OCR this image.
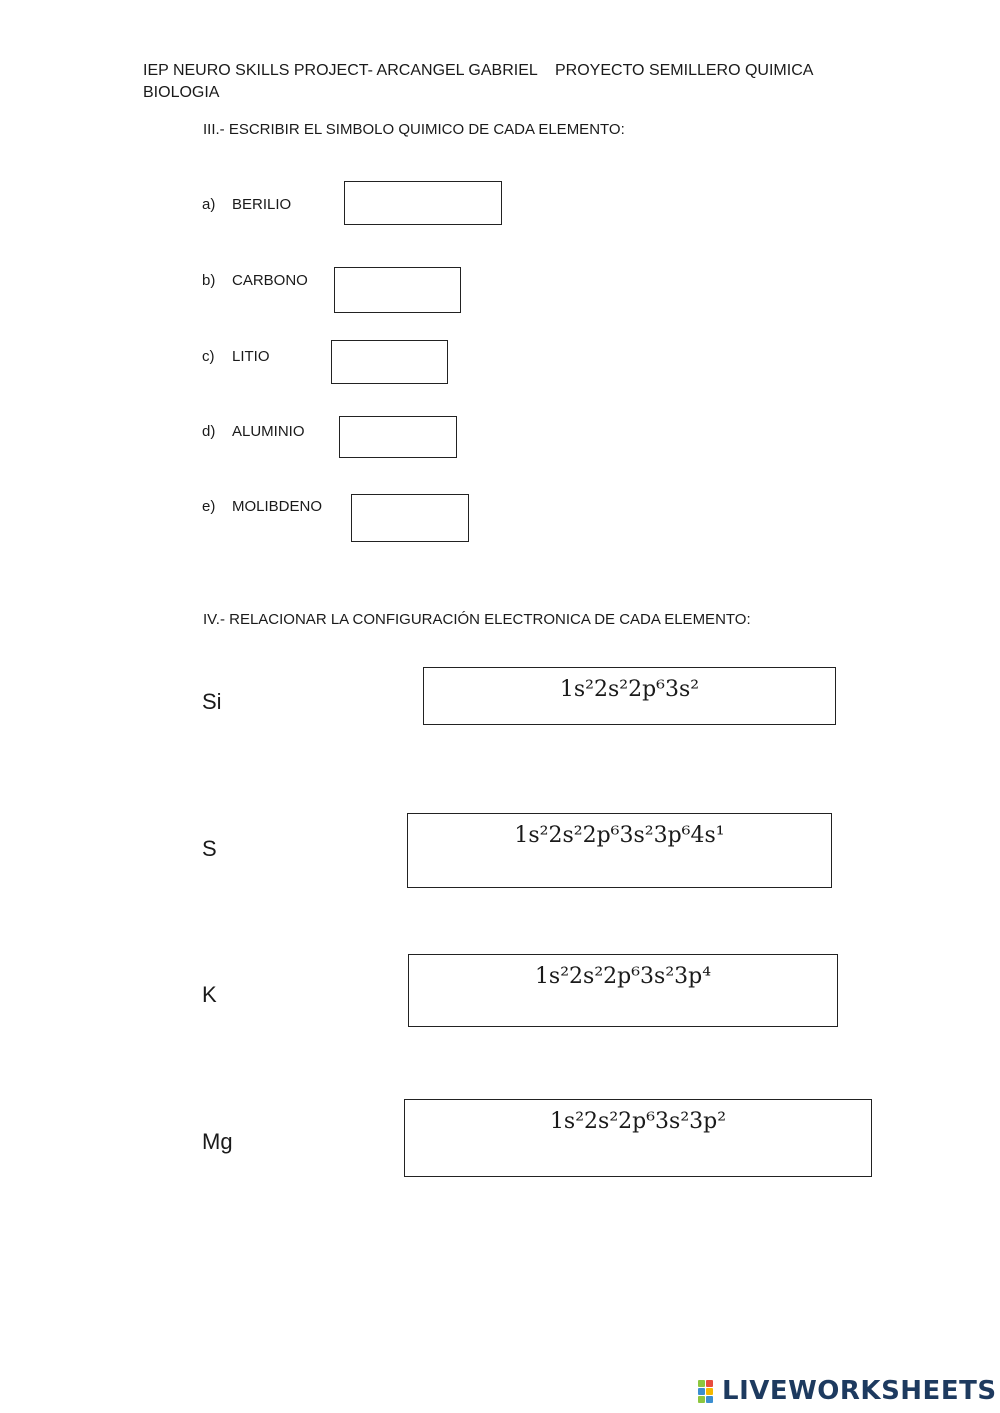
IEP NEURO SKILLS PROJECT- ARCANGEL GABRIEL
BIOLOGIA
PROYECTO SEMILLERO QUIMICA
III.- ESCRIBIR EL SIMBOLO QUIMICO DE CADA ELEMENTO:
a) BERILIO
b) CARBONO
c) LITIO
d) ALUMINIO
e) MOLIBDENO
IV.- RELACIONAR LA CONFIGURACIÓN ELECTRONICA DE CADA ELEMENTO:
Si	1s²2s²2p⁶3s²
S
1s²2s²2p⁶3s²3p⁶4s¹
K
1s²2s²2p⁶3s²3p⁴
Mg
1s²2s²2p⁶3s²3p²
LIVEWORKSHEETS
